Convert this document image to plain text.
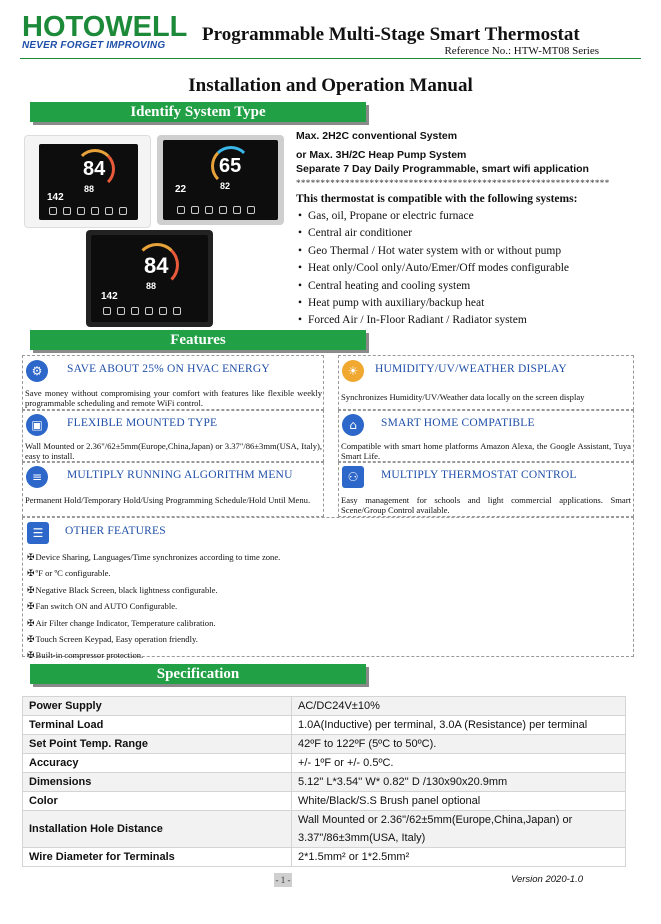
HOTOWELL
NEVER FORGET IMPROVING
Programmable Multi-Stage Smart Thermostat
Reference No.: HTW-MT08 Series
Installation and Operation Manual
Identify System Type
84
88
142
65
82
22
84
88
142
Max. 2H2C conventional System
or Max. 3H/2C Heap Pump System
Separate 7 Day Daily Programmable, smart wifi application
****************************************************************
This thermostat is compatible with the following systems:
• Gas, oil, Propane or electric furnace
• Central air conditioner
• Geo Thermal / Hot water system with or without pump
• Heat only/Cool only/Auto/Emer/Off modes configurable
• Central heating and cooling system
• Heat pump with auxiliary/backup heat
• Forced Air / In-Floor Radiant / Radiator system
Features
⚙	SAVE ABOUT 25% ON HVAC ENERGY
Save money without compromising your comfort with features like flexible weekly programmable scheduling and remote WiFi control.
☀	HUMIDITY/UV/WEATHER DISPLAY
Synchronizes Humidity/UV/Weather data locally on the screen display
▣	FLEXIBLE MOUNTED TYPE
Wall Mounted or 2.36"/62±5mm(Europe,China,Japan) or 3.37"/86±3mm(USA, Italy), easy to install.
⌂	SMART HOME COMPATIBLE
Compatible with smart home platforms Amazon Alexa, the Google Assistant, Tuya Smart Life.
≡	MULTIPLY RUNNING ALGORITHM MENU
Permanent Hold/Temporary Hold/Using Programming Schedule/Hold Until Menu.
⚇	MULTIPLY THERMOSTAT CONTROL
Easy management for schools and light commercial applications. Smart Scene/Group Control available.
☰	OTHER FEATURES
✠ Device Sharing, Languages/Time synchronizes according to time zone.
✠ ºF or ºC configurable.
✠ Negative Black Screen, black lightness configurable.
✠ Fan switch ON and AUTO Configurable.
✠ Air Filter change Indicator, Temperature calibration.
✠ Touch Screen Keypad, Easy operation friendly.
✠ Built-in compressor protection.
Specification
Power Supply	AC/DC24V±10%
Terminal Load	1.0A(Inductive) per terminal, 3.0A (Resistance) per terminal
Set Point Temp. Range	42ºF to 122ºF (5ºC to 50ºC).
Accuracy	+/- 1ºF or +/- 0.5ºC.
Dimensions	5.12" L*3.54'' W* 0.82'' D /130x90x20.9mm
Color	White/Black/S.S Brush panel optional
Installation Hole Distance	Wall Mounted or 2.36"/62±5mm(Europe,China,Japan) or 3.37"/86±3mm(USA, Italy)
Wire Diameter for Terminals	2*1.5mm² or 1*2.5mm²
- 1 -	Version 2020-1.0
